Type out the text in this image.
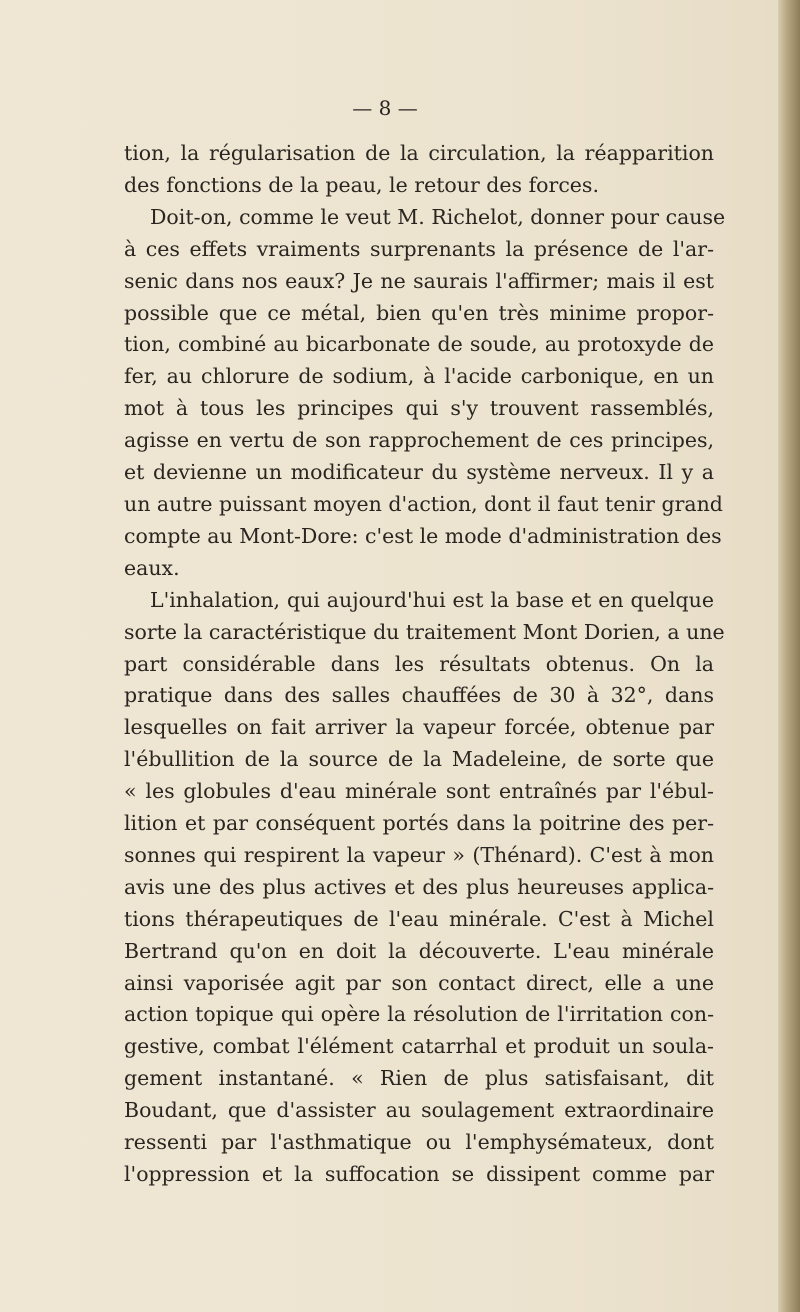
— 8 —

tion, la régularisation de la circulation, la réapparition
des fonctions de la peau, le retour des forces.
Doit-on, comme le veut M. Richelot, donner pour cause
à ces effets vraiments surprenants la présence de l'ar-
senic dans nos eaux? Je ne saurais l'affirmer; mais il est
possible que ce métal, bien qu'en très minime propor-
tion, combiné au bicarbonate de soude, au protoxyde de
fer, au chlorure de sodium, à l'acide carbonique, en un
mot à tous les principes qui s'y trouvent rassemblés,
agisse en vertu de son rapprochement de ces principes,
et devienne un modificateur du système nerveux. Il y a
un autre puissant moyen d'action, dont il faut tenir grand
compte au Mont-Dore: c'est le mode d'administration des
eaux.
L'inhalation, qui aujourd'hui est la base et en quelque
sorte la caractéristique du traitement Mont Dorien, a une
part considérable dans les résultats obtenus. On la
pratique dans des salles chauffées de 30 à 32°, dans
lesquelles on fait arriver la vapeur forcée, obtenue par
l'ébullition de la source de la Madeleine, de sorte que
« les globules d'eau minérale sont entraînés par l'ébul-
lition et par conséquent portés dans la poitrine des per-
sonnes qui respirent la vapeur » (Thénard). C'est à mon
avis une des plus actives et des plus heureuses applica-
tions thérapeutiques de l'eau minérale. C'est à Michel
Bertrand qu'on en doit la découverte. L'eau minérale
ainsi vaporisée agit par son contact direct, elle a une
action topique qui opère la résolution de l'irritation con-
gestive, combat l'élément catarrhal et produit un soula-
gement instantané. « Rien de plus satisfaisant, dit
Boudant, que d'assister au soulagement extraordinaire
ressenti par l'asthmatique ou l'emphysémateux, dont
l'oppression et la suffocation se dissipent comme par
